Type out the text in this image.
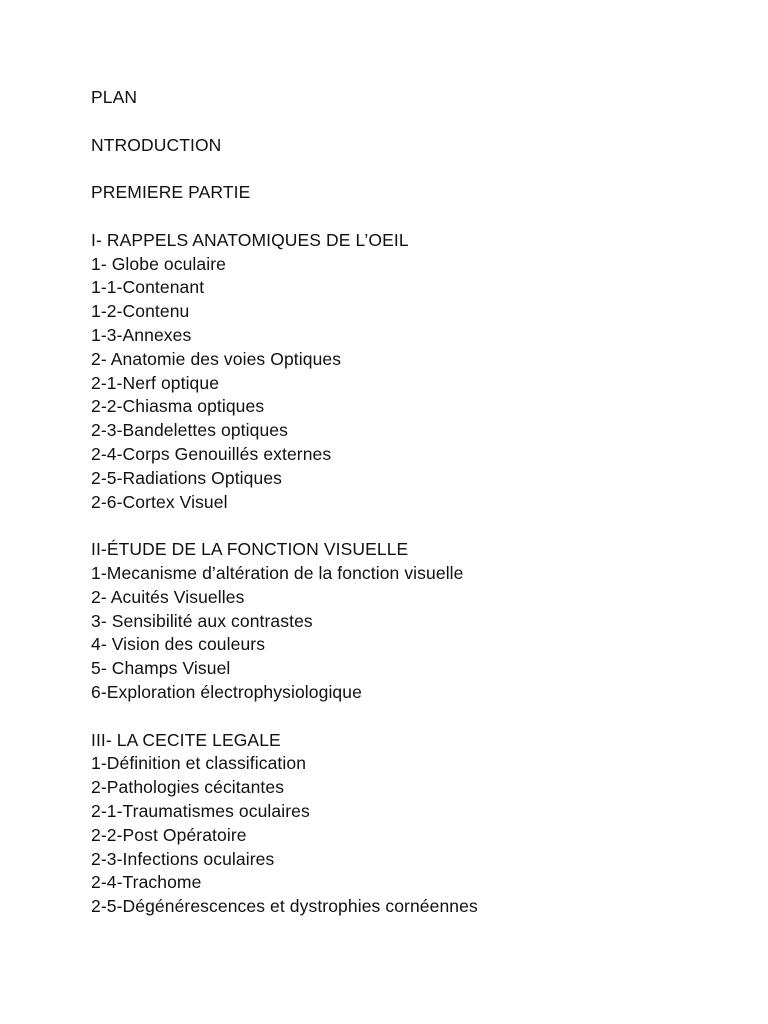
PLAN
NTRODUCTION
PREMIERE PARTIE
I- RAPPELS ANATOMIQUES DE L’OEIL
1- Globe oculaire
1-1-Contenant
1-2-Contenu
1-3-Annexes
2- Anatomie des voies Optiques
2-1-Nerf optique
2-2-Chiasma optiques
2-3-Bandelettes optiques
2-4-Corps Genouillés externes
2-5-Radiations Optiques
2-6-Cortex Visuel
II-ÉTUDE DE LA FONCTION VISUELLE
1-Mecanisme d’altération de la fonction visuelle
2- Acuités Visuelles
3- Sensibilité aux contrastes
4- Vision des couleurs
5- Champs Visuel
6-Exploration électrophysiologique
III- LA CECITE LEGALE
1-Définition et classification
2-Pathologies cécitantes
2-1-Traumatismes oculaires
2-2-Post Opératoire
2-3-Infections oculaires
2-4-Trachome
2-5-Dégénérescences et dystrophies cornéennes
